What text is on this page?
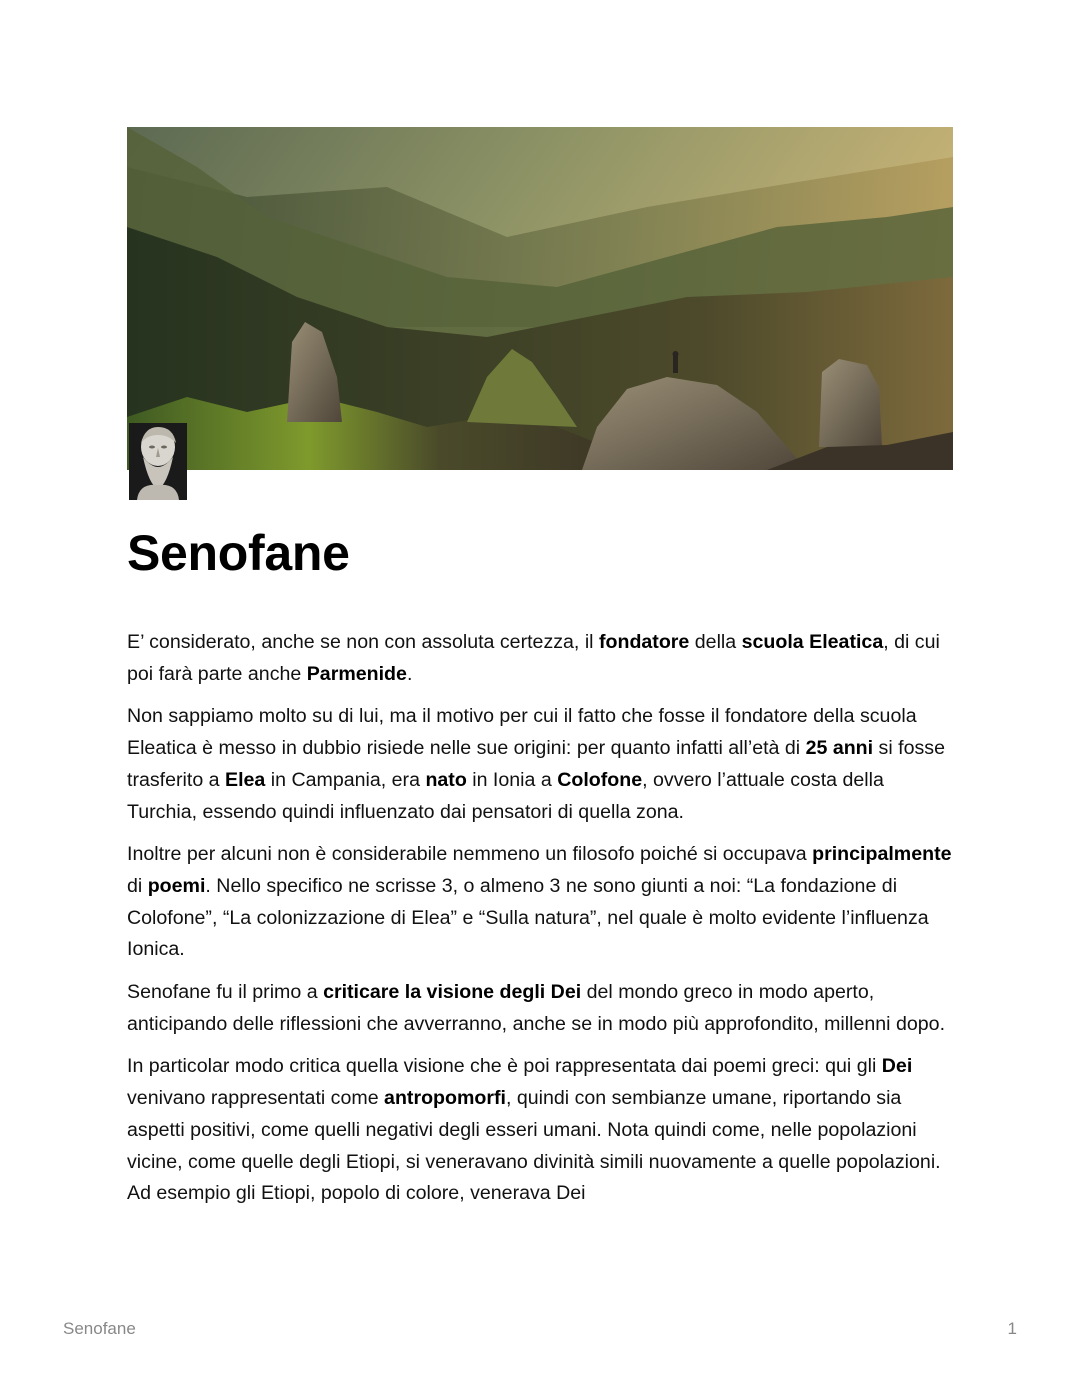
Senofane

E’ considerato, anche se non con assoluta certezza, il fondatore della scuola Eleatica, di cui poi farà parte anche Parmenide.

Non sappiamo molto su di lui, ma il motivo per cui il fatto che fosse il fondatore della scuola Eleatica è messo in dubbio risiede nelle sue origini: per quanto infatti all’età di 25 anni si fosse trasferito a Elea in Campania, era nato in Ionia a Colofone, ovvero l’attuale costa della Turchia, essendo quindi influenzato dai pensatori di quella zona.

Inoltre per alcuni non è considerabile nemmeno un filosofo poiché si occupava principalmente di poemi. Nello specifico ne scrisse 3, o almeno 3 ne sono giunti a noi: “La fondazione di Colofone”, “La colonizzazione di Elea” e “Sulla natura”, nel quale è molto evidente l’influenza Ionica.

Senofane fu il primo a criticare la visione degli Dei del mondo greco in modo aperto, anticipando delle riflessioni che avverranno, anche se in modo più approfondito, millenni dopo.

In particolar modo critica quella visione che è poi rappresentata dai poemi greci: qui gli Dei venivano rappresentati come antropomorfi, quindi con sembianze umane, riportando sia aspetti positivi, come quelli negativi degli esseri umani. Nota quindi come, nelle popolazioni vicine, come quelle degli Etiopi, si veneravano divinità simili nuovamente a quelle popolazioni. Ad esempio gli Etiopi, popolo di colore, venerava Dei

Senofane	1
